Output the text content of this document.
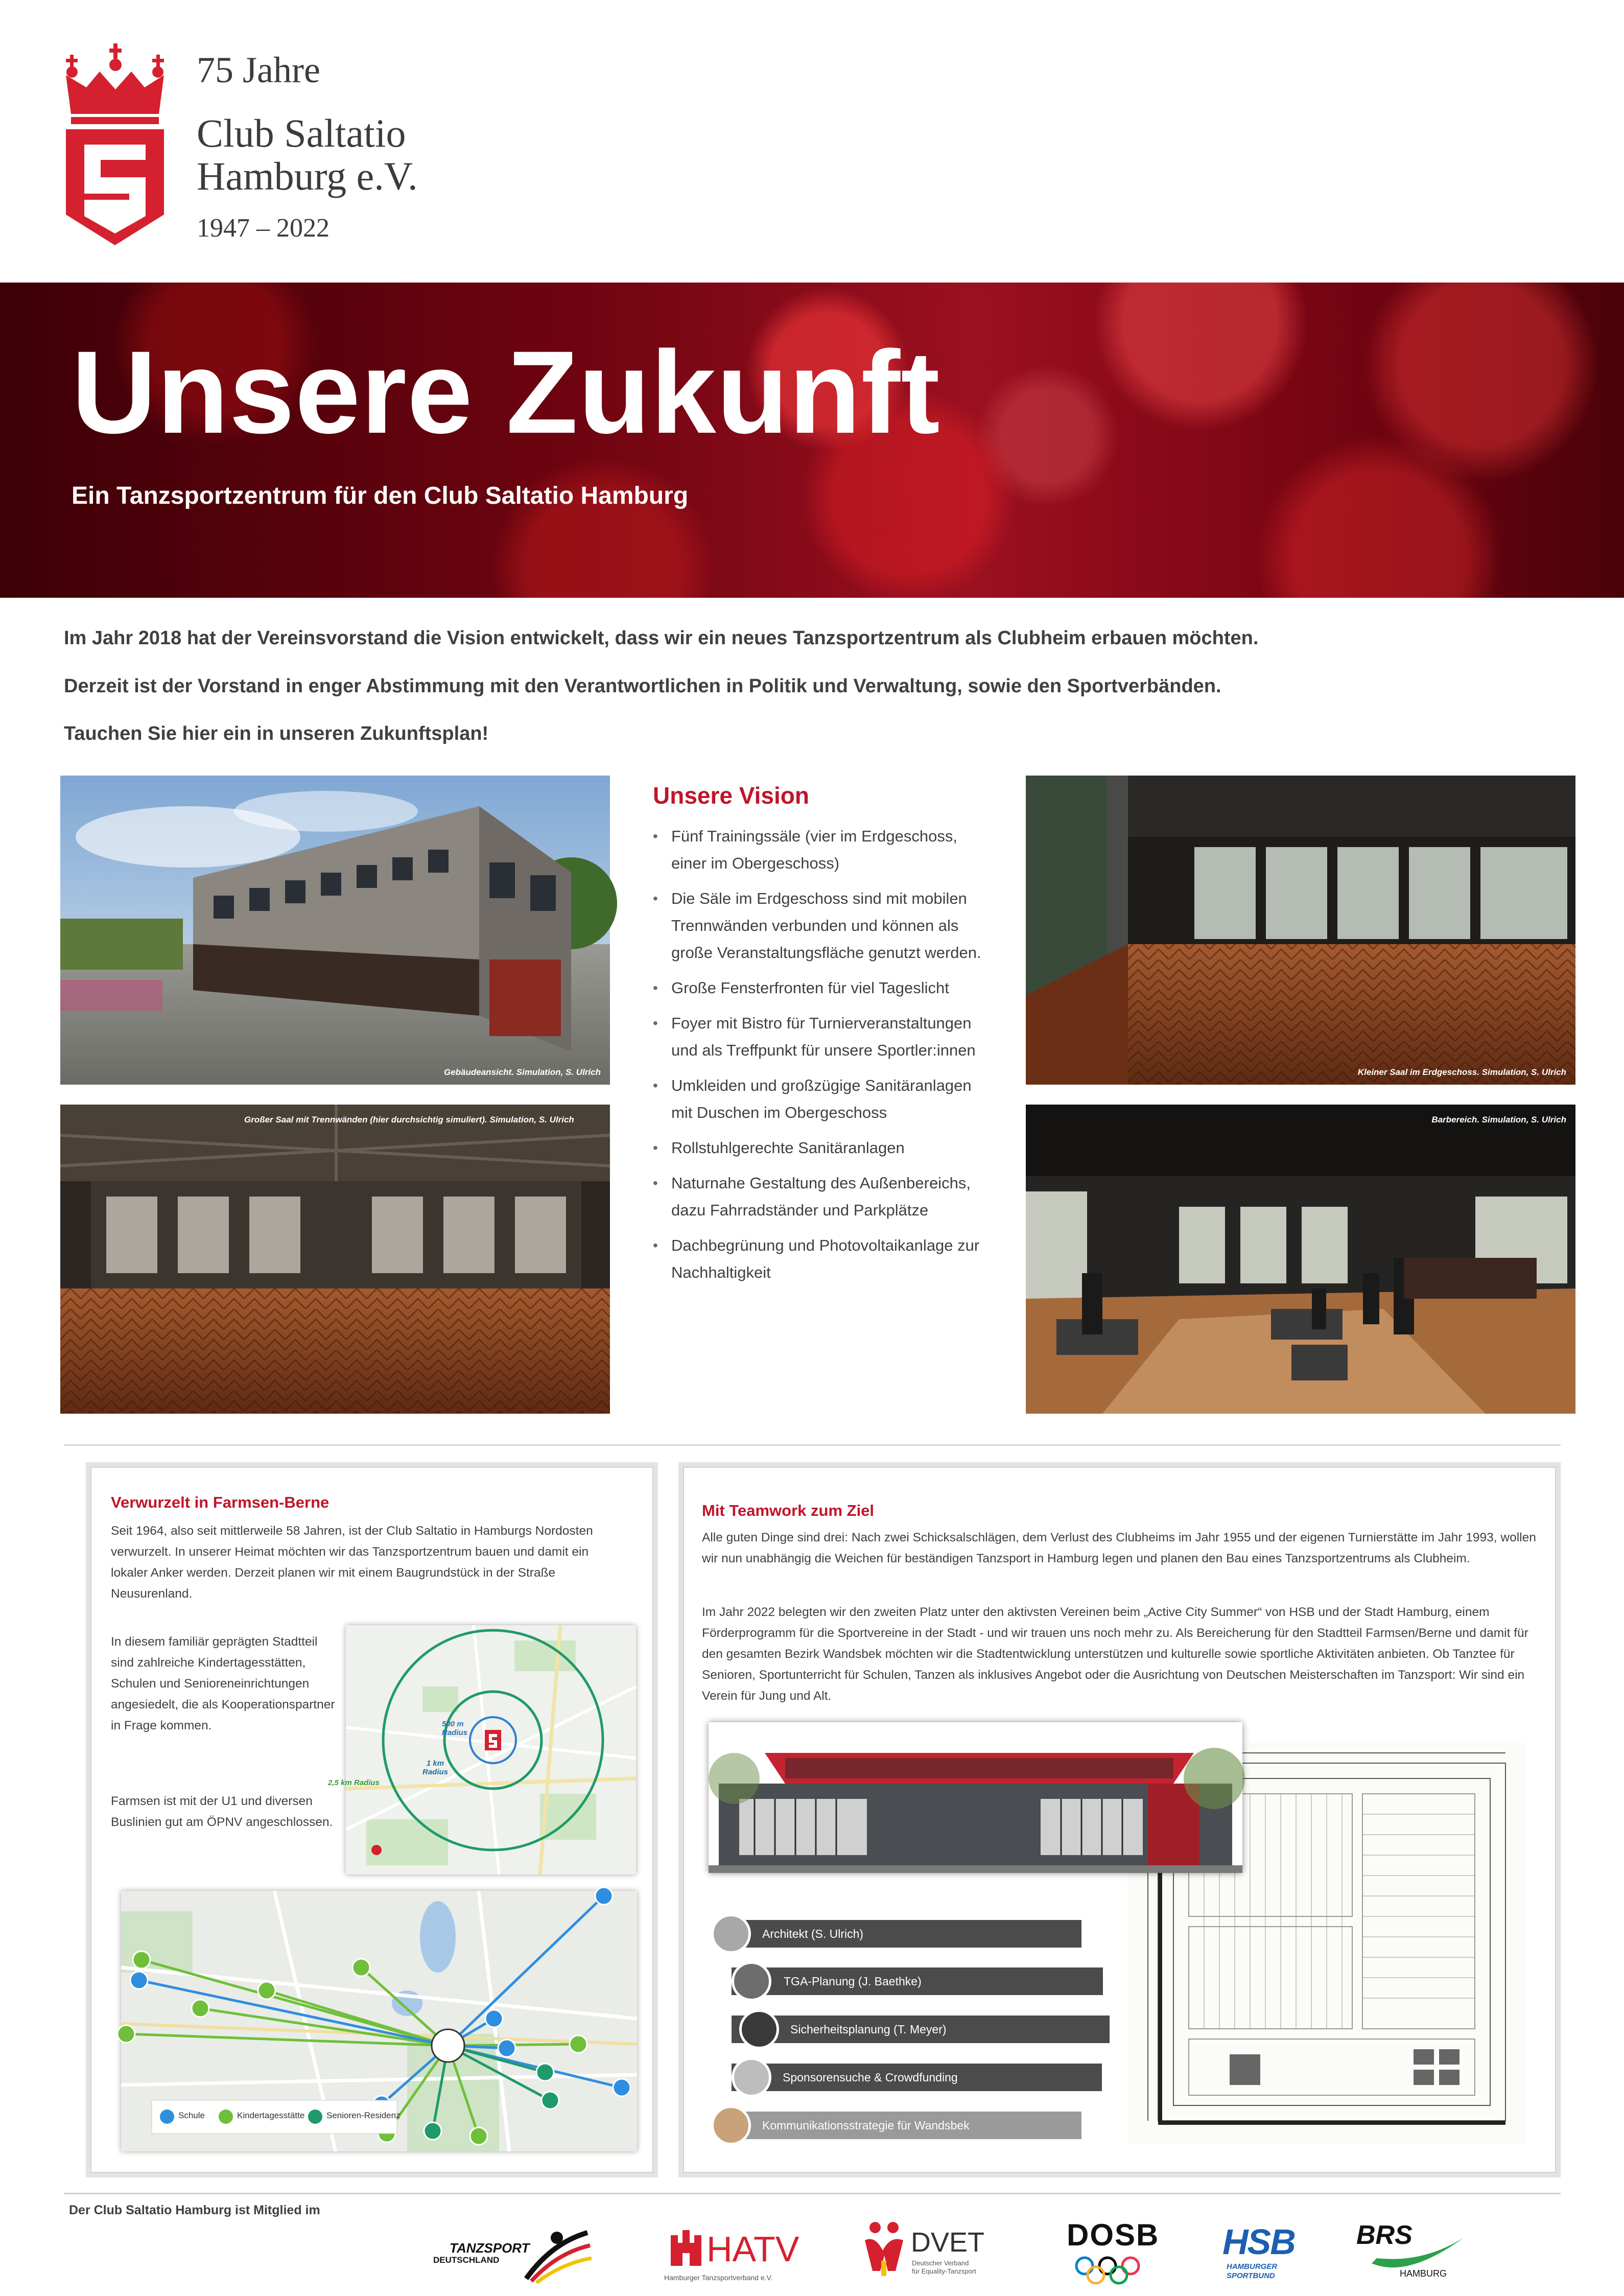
75 Jahre
Club Saltatio
Hamburg e.V.
1947 – 2022
Unsere Zukunft
Ein Tanzsportzentrum für den Club Saltatio Hamburg
Im Jahr 2018 hat der Vereinsvorstand die Vision entwickelt, dass wir ein neues Tanzsportzentrum als Clubheim erbauen möchten.
Derzeit ist der Vorstand in enger Abstimmung mit den Verantwortlichen in Politik und Verwaltung, sowie den Sportverbänden.
Tauchen Sie hier ein in unseren Zukunftsplan!
Gebäudeansicht. Simulation, S. Ulrich
Großer Saal mit Trennwänden (hier durchsichtig simuliert). Simulation, S. Ulrich
Kleiner Saal im Erdgeschoss. Simulation, S. Ulrich
Barbereich. Simulation, S. Ulrich
Unsere Vision
• Fünf Trainingssäle (vier im Erdgeschoss, einer im Obergeschoss)
• Die Säle im Erdgeschoss sind mit mobilen Trennwänden verbunden und können als große Veranstaltungsfläche genutzt werden.
• Große Fensterfronten für viel Tageslicht
• Foyer mit Bistro für Turnierveranstaltungen und als Treffpunkt für unsere Sportler:innen
• Umkleiden und großzügige Sanitäranlagen mit Duschen im Obergeschoss
• Rollstuhlgerechte Sanitäranlagen
• Naturnahe Gestaltung des Außenbereichs, dazu Fahrradständer und Parkplätze
• Dachbegrünung und Photovoltaikanlage zur Nachhaltigkeit
Verwurzelt in Farmsen-Berne
Seit 1964, also seit mittlerweile 58 Jahren, ist der Club Saltatio in Hamburgs Nordosten verwurzelt. In unserer Heimat möchten wir das Tanzsportzentrum bauen und damit ein lokaler Anker werden. Derzeit planen wir mit einem Baugrundstück in der Straße Neusurenland.
In diesem familiär geprägten Stadtteil sind zahlreiche Kindertagesstätten, Schulen und Senioreneinrichtungen angesiedelt, die als Kooperationspartner in Frage kommen.
Farmsen ist mit der U1 und diversen Buslinien gut am ÖPNV angeschlossen.
500 m Radius
1 km Radius
2,5 km Radius
Schule	Kindertagesstätte	Senioren-Residenz
Mit Teamwork zum Ziel
Alle guten Dinge sind drei: Nach zwei Schicksalschlägen, dem Verlust des Clubheims im Jahr 1955 und der eigenen Turnierstätte im Jahr 1993, wollen wir nun unabhängig die Weichen für beständigen Tanzsport in Hamburg legen und planen den Bau eines Tanzsportzentrums als Clubheim.
Im Jahr 2022 belegten wir den zweiten Platz unter den aktivsten Vereinen beim „Active City Summer“ von HSB und der Stadt Hamburg, einem Förderprogramm für die Sportvereine in der Stadt - und wir trauen uns noch mehr zu. Als Bereicherung für den Stadtteil Farmsen/Berne und damit für den gesamten Bezirk Wandsbek möchten wir die Stadtentwicklung unterstützen und kulturelle sowie sportliche Aktivitäten anbieten. Ob Tanztee für Senioren, Sportunterricht für Schulen, Tanzen als inklusives Angebot oder die Ausrichtung von Deutschen Meisterschaften im Tanzsport: Wir sind ein Verein für Jung und Alt.
Architekt (S. Ulrich)
TGA-Planung (J. Baethke)
Sicherheitsplanung (T. Meyer)
Sponsorensuche & Crowdfunding
Kommunikationsstrategie für Wandsbek
Der Club Saltatio Hamburg ist Mitglied im
TANZSPORT
DEUTSCHLAND	HATV
Hamburger Tanzsportverband e.V.
DVET
Deutscher Verband
für Equality-Tanzsport
DOSB HSB
HAMBURGER
SPORTBUND
BRS
HAMBURG
